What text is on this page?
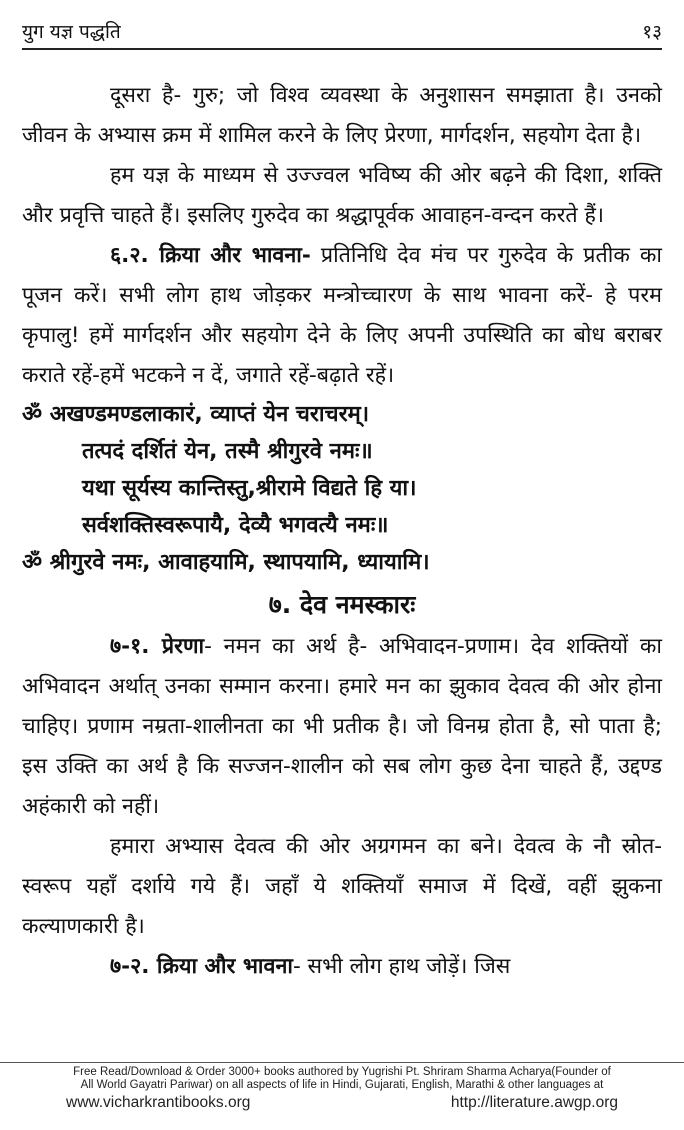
युग यज्ञ पद्धति	१३

दूसरा है- गुरु; जो विश्व व्यवस्था के अनुशासन समझाता है। उनको जीवन के अभ्यास क्रम में शामिल करने के लिए प्रेरणा, मार्गदर्शन, सहयोग देता है।

हम यज्ञ के माध्यम से उज्ज्वल भविष्य की ओर बढ़ने की दिशा, शक्ति और प्रवृत्ति चाहते हैं। इसलिए गुरुदेव का श्रद्धापूर्वक आवाहन-वन्दन करते हैं।

६.२. क्रिया और भावना- प्रतिनिधि देव मंच पर गुरुदेव के प्रतीक का पूजन करें। सभी लोग हाथ जोड़कर मन्त्रोच्चारण के साथ भावना करें- हे परम कृपालु! हमें मार्गदर्शन और सहयोग देने के लिए अपनी उपस्थिति का बोध बराबर कराते रहें-हमें भटकने न दें, जगाते रहें-बढ़ाते रहें।

ॐ अखण्डमण्डलाकारं, व्याप्तं येन चराचरम्।
तत्पदं दर्शितं येन, तस्मै श्रीगुरवे नमः॥
यथा सूर्यस्य कान्तिस्तु,श्रीरामे विद्यते हि या।
सर्वशक्तिस्वरूपायै, देव्यै भगवत्यै नमः॥
ॐ श्रीगुरवे नमः, आवाहयामि, स्थापयामि, ध्यायामि।
७. देव नमस्कारः

७-१. प्रेरणा- नमन का अर्थ है- अभिवादन-प्रणाम। देव शक्तियों का अभिवादन अर्थात् उनका सम्मान करना। हमारे मन का झुकाव देवत्व की ओर होना चाहिए। प्रणाम नम्रता-शालीनता का भी प्रतीक है। जो विनम्र होता है, सो पाता है; इस उक्ति का अर्थ है कि सज्जन-शालीन को सब लोग कुछ देना चाहते हैं, उद्दण्ड अहंकारी को नहीं।

हमारा अभ्यास देवत्व की ओर अग्रगमन का बने। देवत्व के नौ स्रोत-स्वरूप यहाँ दर्शाये गये हैं। जहाँ ये शक्तियाँ समाज में दिखें, वहीं झुकना कल्याणकारी है।

७-२. क्रिया और भावना- सभी लोग हाथ जोड़ें। जिस

Free Read/Download & Order 3000+ books authored by Yugrishi Pt. Shriram Sharma Acharya(Founder of
All World Gayatri Pariwar) on all aspects of life in Hindi, Gujarati, English, Marathi & other languages at
www.vicharkrantibooks.org	http://literature.awgp.org
